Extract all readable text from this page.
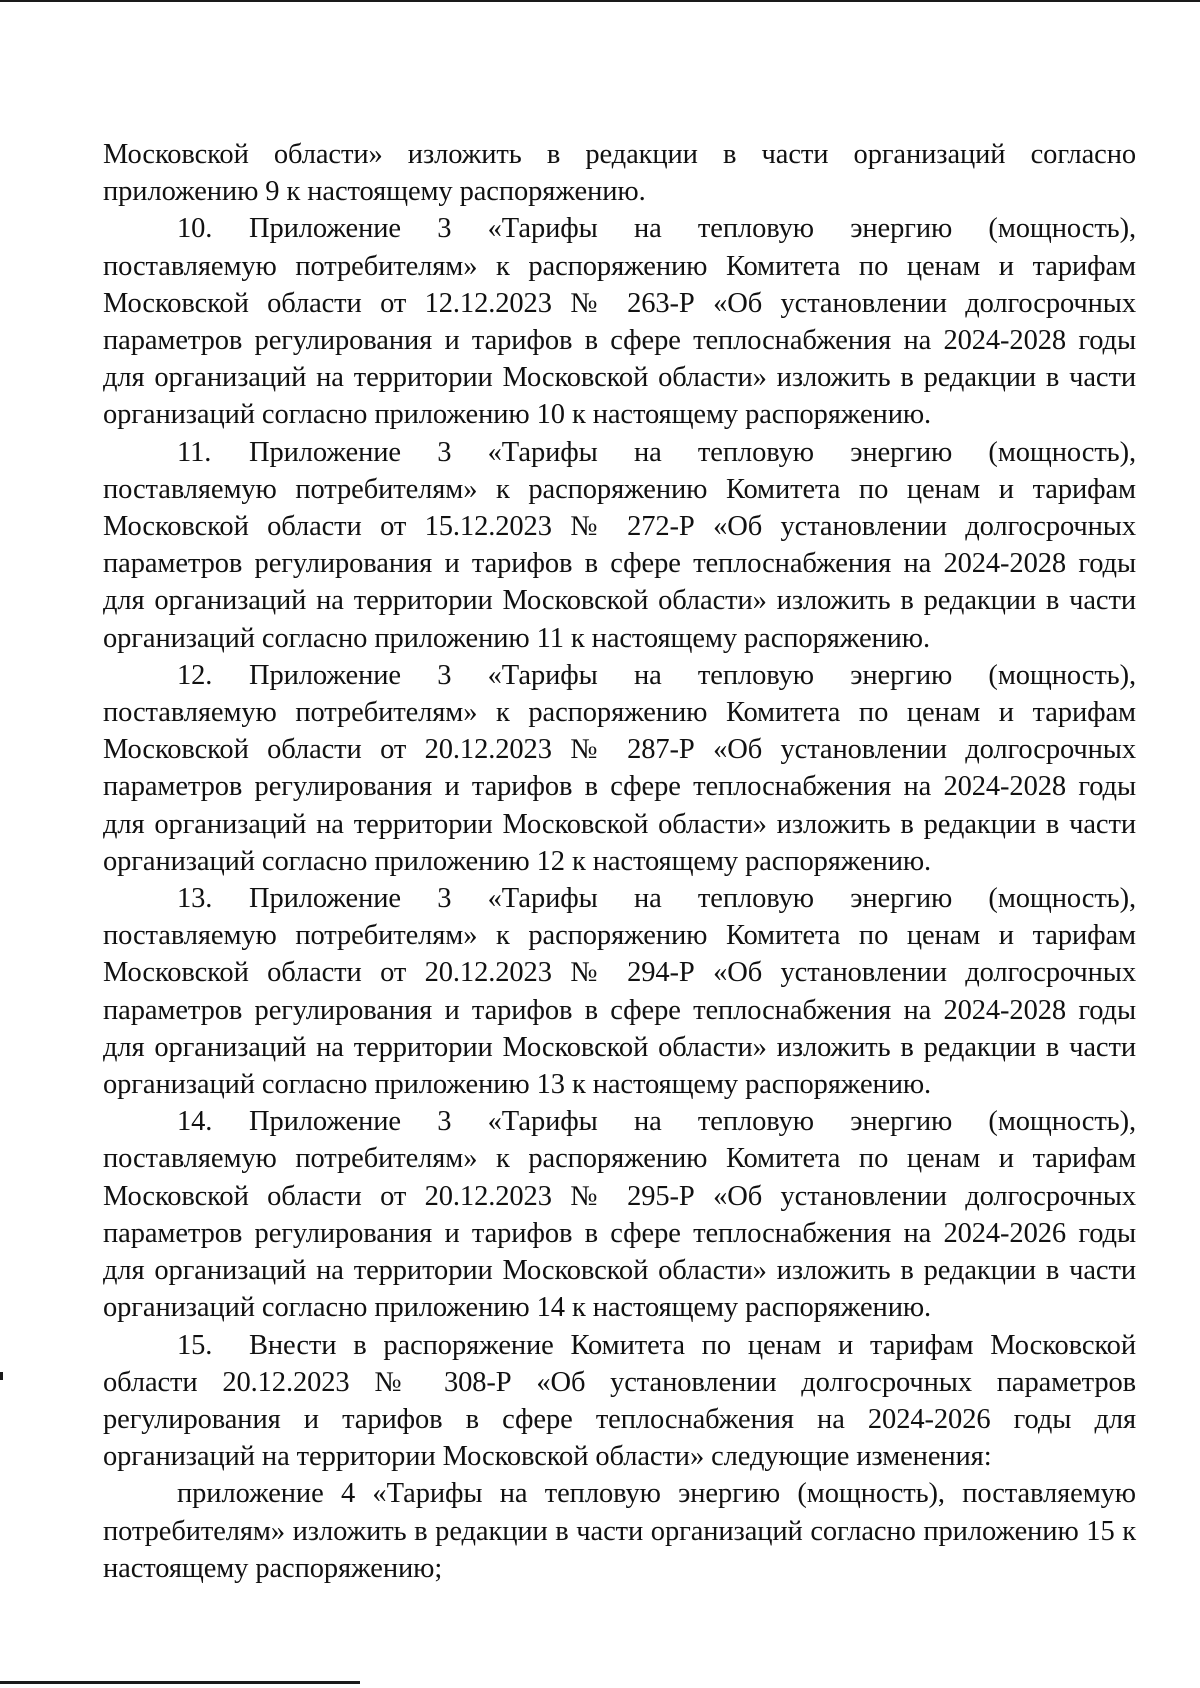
Московской области» изложить в редакции в части организаций согласно приложению 9 к настоящему распоряжению.

10. Приложение 3 «Тарифы на тепловую энергию (мощность), поставляемую потребителям» к распоряжению Комитета по ценам и тарифам Московской области от 12.12.2023 № 263-Р «Об установлении долгосрочных параметров регулирования и тарифов в сфере теплоснабжения на 2024-2028 годы для организаций на территории Московской области» изложить в редакции в части организаций согласно приложению 10 к настоящему распоряжению.

11. Приложение 3 «Тарифы на тепловую энергию (мощность), поставляемую потребителям» к распоряжению Комитета по ценам и тарифам Московской области от 15.12.2023 № 272-Р «Об установлении долгосрочных параметров регулирования и тарифов в сфере теплоснабжения на 2024-2028 годы для организаций на территории Московской области» изложить в редакции в части организаций согласно приложению 11 к настоящему распоряжению.

12. Приложение 3 «Тарифы на тепловую энергию (мощность), поставляемую потребителям» к распоряжению Комитета по ценам и тарифам Московской области от 20.12.2023 № 287-Р «Об установлении долгосрочных параметров регулирования и тарифов в сфере теплоснабжения на 2024-2028 годы для организаций на территории Московской области» изложить в редакции в части организаций согласно приложению 12 к настоящему распоряжению.

13. Приложение 3 «Тарифы на тепловую энергию (мощность), поставляемую потребителям» к распоряжению Комитета по ценам и тарифам Московской области от 20.12.2023 № 294-Р «Об установлении долгосрочных параметров регулирования и тарифов в сфере теплоснабжения на 2024-2028 годы для организаций на территории Московской области» изложить в редакции в части организаций согласно приложению 13 к настоящему распоряжению.

14. Приложение 3 «Тарифы на тепловую энергию (мощность), поставляемую потребителям» к распоряжению Комитета по ценам и тарифам Московской области от 20.12.2023 № 295-Р «Об установлении долгосрочных параметров регулирования и тарифов в сфере теплоснабжения на 2024-2026 годы для организаций на территории Московской области» изложить в редакции в части организаций согласно приложению 14 к настоящему распоряжению.

15. Внести в распоряжение Комитета по ценам и тарифам Московской области 20.12.2023 № 308-Р «Об установлении долгосрочных параметров регулирования и тарифов в сфере теплоснабжения на 2024-2026 годы для организаций на территории Московской области» следующие изменения:

приложение 4 «Тарифы на тепловую энергию (мощность), поставляемую потребителям» изложить в редакции в части организаций согласно приложению 15 к настоящему распоряжению;
